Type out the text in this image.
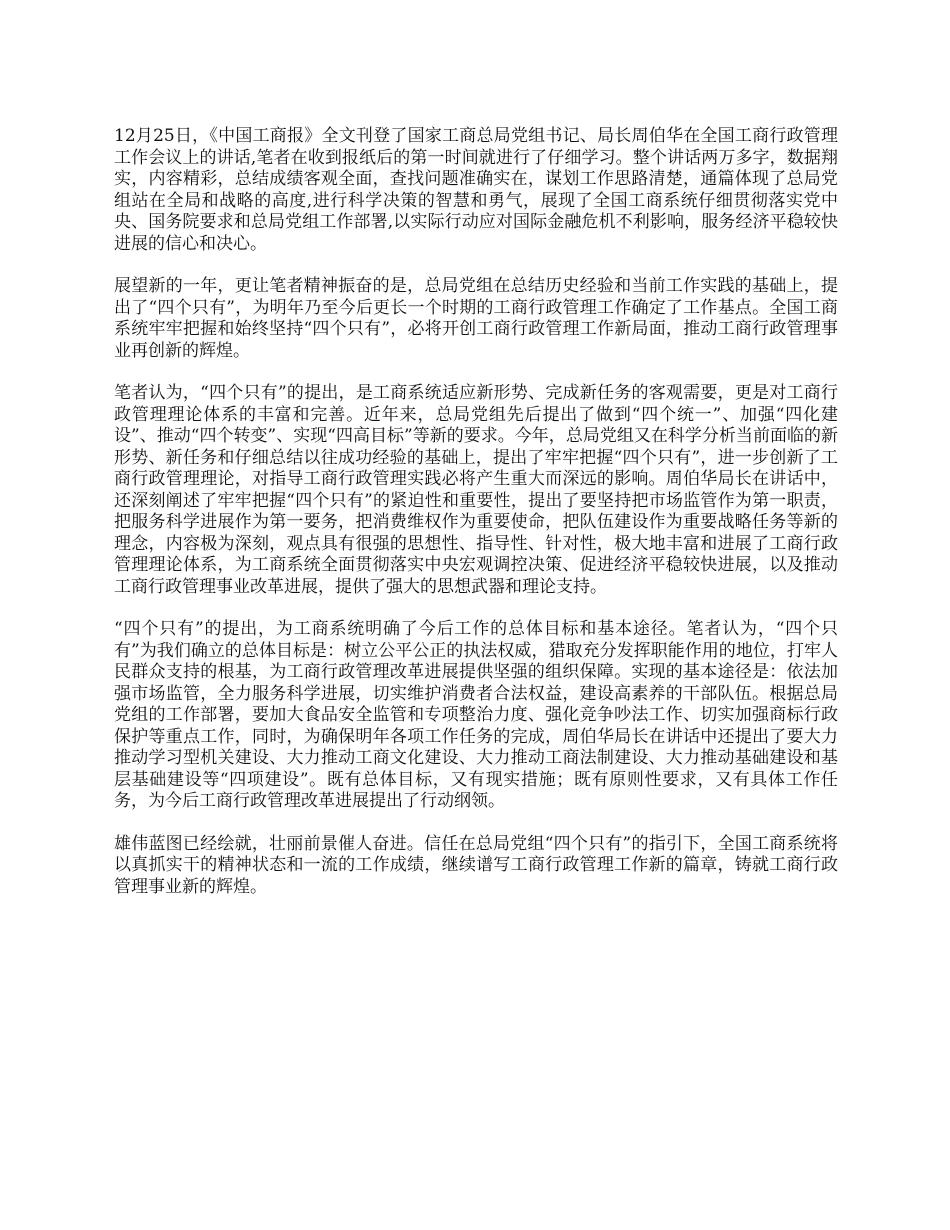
12月25日，《中国工商报》全文刊登了国家工商总局党组书记、局长周伯华在全国工商行政管理工作会议上的讲话,笔者在收到报纸后的第一时间就进行了仔细学习。整个讲话两万多字，数据翔实，内容精彩，总结成绩客观全面，查找问题准确实在，谋划工作思路清楚，通篇体现了总局党组站在全局和战略的高度,进行科学决策的智慧和勇气，展现了全国工商系统仔细贯彻落实党中央、国务院要求和总局党组工作部署,以实际行动应对国际金融危机不利影响，服务经济平稳较快进展的信心和决心。

展望新的一年，更让笔者精神振奋的是，总局党组在总结历史经验和当前工作实践的基础上，提出了“四个只有”，为明年乃至今后更长一个时期的工商行政管理工作确定了工作基点。全国工商系统牢牢把握和始终坚持“四个只有”，必将开创工商行政管理工作新局面，推动工商行政管理事业再创新的辉煌。

笔者认为，“四个只有”的提出，是工商系统适应新形势、完成新任务的客观需要，更是对工商行政管理理论体系的丰富和完善。近年来，总局党组先后提出了做到“四个统一”、加强“四化建设”、推动“四个转变”、实现“四高目标”等新的要求。今年，总局党组又在科学分析当前面临的新形势、新任务和仔细总结以往成功经验的基础上，提出了牢牢把握“四个只有”，进一步创新了工商行政管理理论，对指导工商行政管理实践必将产生重大而深远的影响。周伯华局长在讲话中，还深刻阐述了牢牢把握“四个只有”的紧迫性和重要性，提出了要坚持把市场监管作为第一职责，把服务科学进展作为第一要务，把消费维权作为重要使命，把队伍建设作为重要战略任务等新的理念，内容极为深刻，观点具有很强的思想性、指导性、针对性，极大地丰富和进展了工商行政管理理论体系，为工商系统全面贯彻落实中央宏观调控决策、促进经济平稳较快进展，以及推动工商行政管理事业改革进展，提供了强大的思想武器和理论支持。

“四个只有”的提出，为工商系统明确了今后工作的总体目标和基本途径。笔者认为，“四个只有”为我们确立的总体目标是：树立公平公正的执法权威，猎取充分发挥职能作用的地位，打牢人民群众支持的根基，为工商行政管理改革进展提供坚强的组织保障。实现的基本途径是：依法加强市场监管，全力服务科学进展，切实维护消费者合法权益，建设高素养的干部队伍。根据总局党组的工作部署，要加大食品安全监管和专项整治力度、强化竞争吵法工作、切实加强商标行政保护等重点工作，同时，为确保明年各项工作任务的完成，周伯华局长在讲话中还提出了要大力推动学习型机关建设、大力推动工商文化建设、大力推动工商法制建设、大力推动基础建设和基层基础建设等“四项建设”。既有总体目标，又有现实措施；既有原则性要求，又有具体工作任务，为今后工商行政管理改革进展提出了行动纲领。

雄伟蓝图已经绘就，壮丽前景催人奋进。信任在总局党组“四个只有”的指引下，全国工商系统将以真抓实干的精神状态和一流的工作成绩，继续谱写工商行政管理工作新的篇章，铸就工商行政管理事业新的辉煌。
